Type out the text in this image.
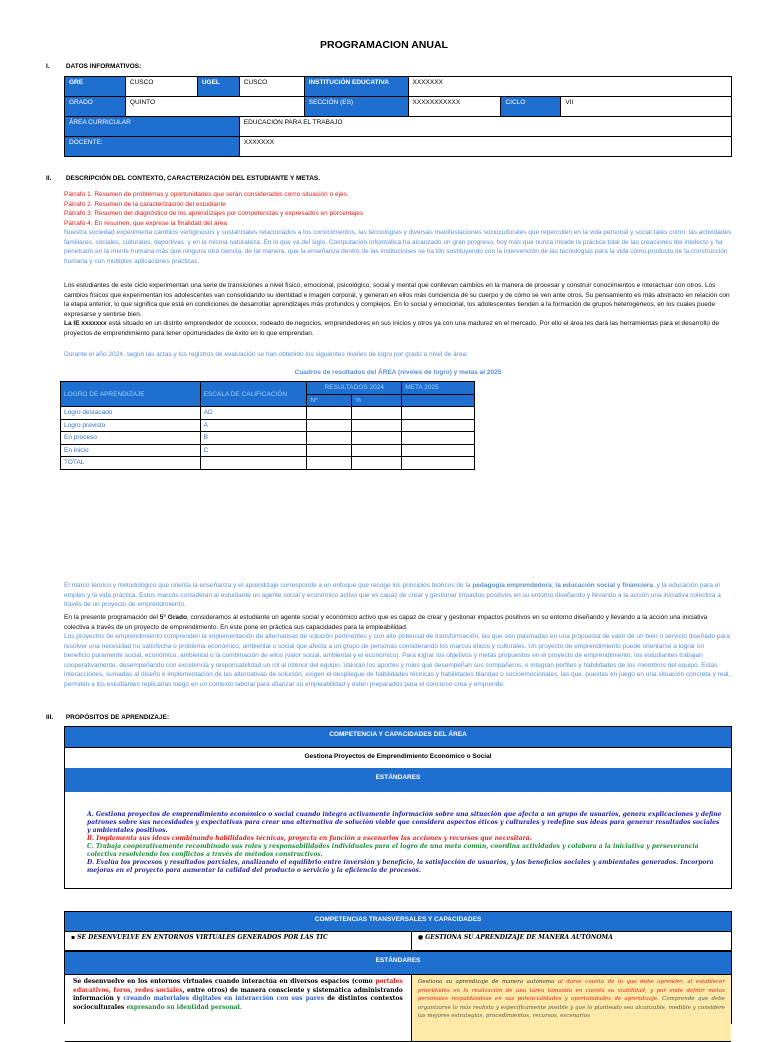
PROGRAMACION ANUAL
I. DATOS INFORMATIVOS:
GRE	CUSCO	UGEL	CUSCO	INSTITUCIÓN EDUCATIVA	XXXXXXX		
GRADO	QUINTO			SECCIÓN (ES)	XXXXXXXXXXX	CICLO	VII
ÁREA CURRICULAR			EDUCACION PARA EL TRABAJO				
DOCENTE:			XXXXXXX				
II. DESCRIPCIÓN DEL CONTEXTO, CARACTERIZACIÓN DEL ESTUDIANTE Y METAS.
Párrafo 1. Resumen de problemas y oportunidades que serán considerados como situación o ejes.
Párrafo 2. Resumen de la caracterización del estudiante
Párrafo 3. Resumen del diagnóstico de los aprendizajes por competencias y expresados en porcentajes
Párrafo 4. En resumen, que exprese la finalidad del área
Nuestra sociedad experimenta cambios vertiginosos y sustanciales relacionados a los conocimientos, las tecnologías y diversas manifestaciones socioculturales que repercuten en la vida personal y social tales como: las actividades familiares, sociales, culturales, deportivas; y en la misma naturaleza. En lo que va del siglo, Computación Informática ha alcanzado un gran progreso; hoy más que nunca invade la práctica total de las creaciones del intelecto y ha penetrado en la mente humana más que ninguna otra ciencia, de tal manera, que la enseñanza dentro de las instituciones se ha ido sustituyendo con la intervención de las tecnologías para la vida como producto de la construcción humana y con múltiples aplicaciones prácticas.
Los estudiantes de este ciclo experimentan una serie de transiciones a nivel físico, emocional, psicológico, social y mental que conllevan cambios en la manera de procesar y construir conocimientos e interactuar con otros. Los cambios físicos que experimentan los adolescentes van consolidando su identidad e imagen corporal, y generan en ellos más conciencia de su cuerpo y de cómo se ven ante otros. Su pensamiento es más abstracto en relación con la etapa anterior, lo que significa que está en condiciones de desarrollar aprendizajes más profundos y complejos. En lo social y emocional, los adolescentes tienden a la formación de grupos heterogéneos, en los cuales puede expresarse y sentirse bien.
La IE xxxxxxx está situado en un distrito emprendedor de xxxxxxx, rodeado de negocios, emprendedores en sus inicios y otros ya con una madurez en el mercado. Por ello el área les dará las herramientas para el desarrollo de proyectos de emprendimiento para tener oportunidades de éxito en lo que emprendan.
Durante el año 2024, según las actas y los registros de evaluación se han obtenido los siguientes niveles de logro por grado a nivel de área:
Cuadros de resultados del ÁREA (niveles de logro) y metas al 2025
LOGRO DE APRENDIZAJE	ESCALA DE CALIFICACIÓN	RESULTADOS 2024		META 2025
		Nº	%	
Logro destacado	AD			
Logro previsto	A			
En proceso	B			
En inicio	C			
TOTAL				
El marco teórico y metodológico que orienta la enseñanza y el aprendizaje corresponde a un enfoque que recoge los principios teóricos de la pedagogía emprendedora, la educación social y financiera, y la educación para el empleo y la vida práctica. Estos marcos consideran al estudiante un agente social y económico activo que es capaz de crear y gestionar impactos positivos en su entorno diseñando y llevando a la acción una iniciativa colectiva a través de un proyecto de emprendimiento.
En la presente programación del 5° Grado, consideramos al estudiante un agente social y económico activo que es capaz de crear y gestionar impactos positivos en su entorno diseñando y llevando a la acción una iniciativa colectiva a través de un proyecto de emprendimiento. En este pone en práctica sus capacidades para la empleabilidad.
Los proyectos de emprendimiento comprenden la implementación de alternativas de solución pertinentes y con alto potencial de transformación, las que son plasmadas en una propuesta de valor de un bien o servicio diseñado para resolver una necesidad no satisfecha o problema económico, ambiental o social que afecta a un grupo de personas considerando los marcos éticos y culturales. Un proyecto de emprendimiento puede orientarse a lograr un beneficio puramente social, económico, ambiental o la combinación de ellos (valor social, ambiental y el económico). Para lograr los objetivos y metas propuestos en el proyecto de emprendimiento, los estudiantes trabajan cooperativamente, desempeñando con excelencia y responsabilidad un rol al interior del equipo. Valoran los aportes y roles que desempeñan sus compañeros, e integran perfiles y habilidades de los miembros del equipo. Estas interacciones, sumadas al diseño e implementación de las alternativas de solución, exigen el despliegue de habilidades técnicas y habilidades blandas o socioemocionales, las que, puestas en juego en una situación concreta y real, permiten a los estudiantes replicarlas luego en un contexto laboral para afianzar su empleabilidad y estén preparados para el concurso crea y emprende.
III. PROPÓSITOS DE APRENDIZAJE:
COMPETENCIA Y CAPACIDADES DEL ÁREA
Gestiona Proyectos de Emprendimiento Económico o Social
ESTÁNDARES
A. Gestiona proyectos de emprendimiento económico o social cuando integra activamente información sobre una situación que afecta a un grupo de usuarios, genera explicaciones y define patrones sobre sus necesidades y expectativas para crear una alternativa de solución viable que considera aspectos éticos y culturales y redefine sus ideas para generar resultados sociales y ambientales positivos.
B. Implementa sus ideas combinando habilidades técnicas, proyecta en función a escenarios las acciones y recursos que necesitará.
C. Trabaja cooperativamente recombinado sus roles y responsabilidades individuales para el logro de una meta común, coordina actividades y colabora a la iniciativa y perseverancia colectiva resolviendo los conflictos a través de métodos constructivos.
D. Evalúa los procesos y resultados parciales, analizando el equilibrio entre inversión y beneficio, la satisfacción de usuarios, y los beneficios sociales y ambientales generados. Incorpora mejoras en el proyecto para aumentar la calidad del producto o servicio y la eficiencia de procesos.
COMPETENCIAS TRANSVERSALES Y CAPACIDADES
▪ SE DESENVUELVE EN ENTORNOS VIRTUALES GENERADOS POR LAS TIC	● GESTIONA SU APRENDIZAJE DE MANERA AUTÓNOMA
ESTÁNDARES
Se desenvuelve en los entornos virtuales cuando interactúa en diversos espacios (como portales educativos, foros, redes sociales, entre otros) de manera consciente y sistemática administrando información y creando materiales digitales en interacción con sus pares de distintos contextos socioculturales expresando su identidad personal.	Gestiona su aprendizaje de manera autónoma al darse cuenta de lo que debe aprender, al establecer prioridades en la realización de una tarea tomando en cuenta su viabilidad, y por ende definir metas personales respaldándose en sus potencialidades y oportunidades de aprendizaje. Comprende que debe organizarse lo más realista y específicamente posible y que lo planteado sea alcanzable, medible y considere las mejores estrategias, procedimientos, recursos, escenarios
